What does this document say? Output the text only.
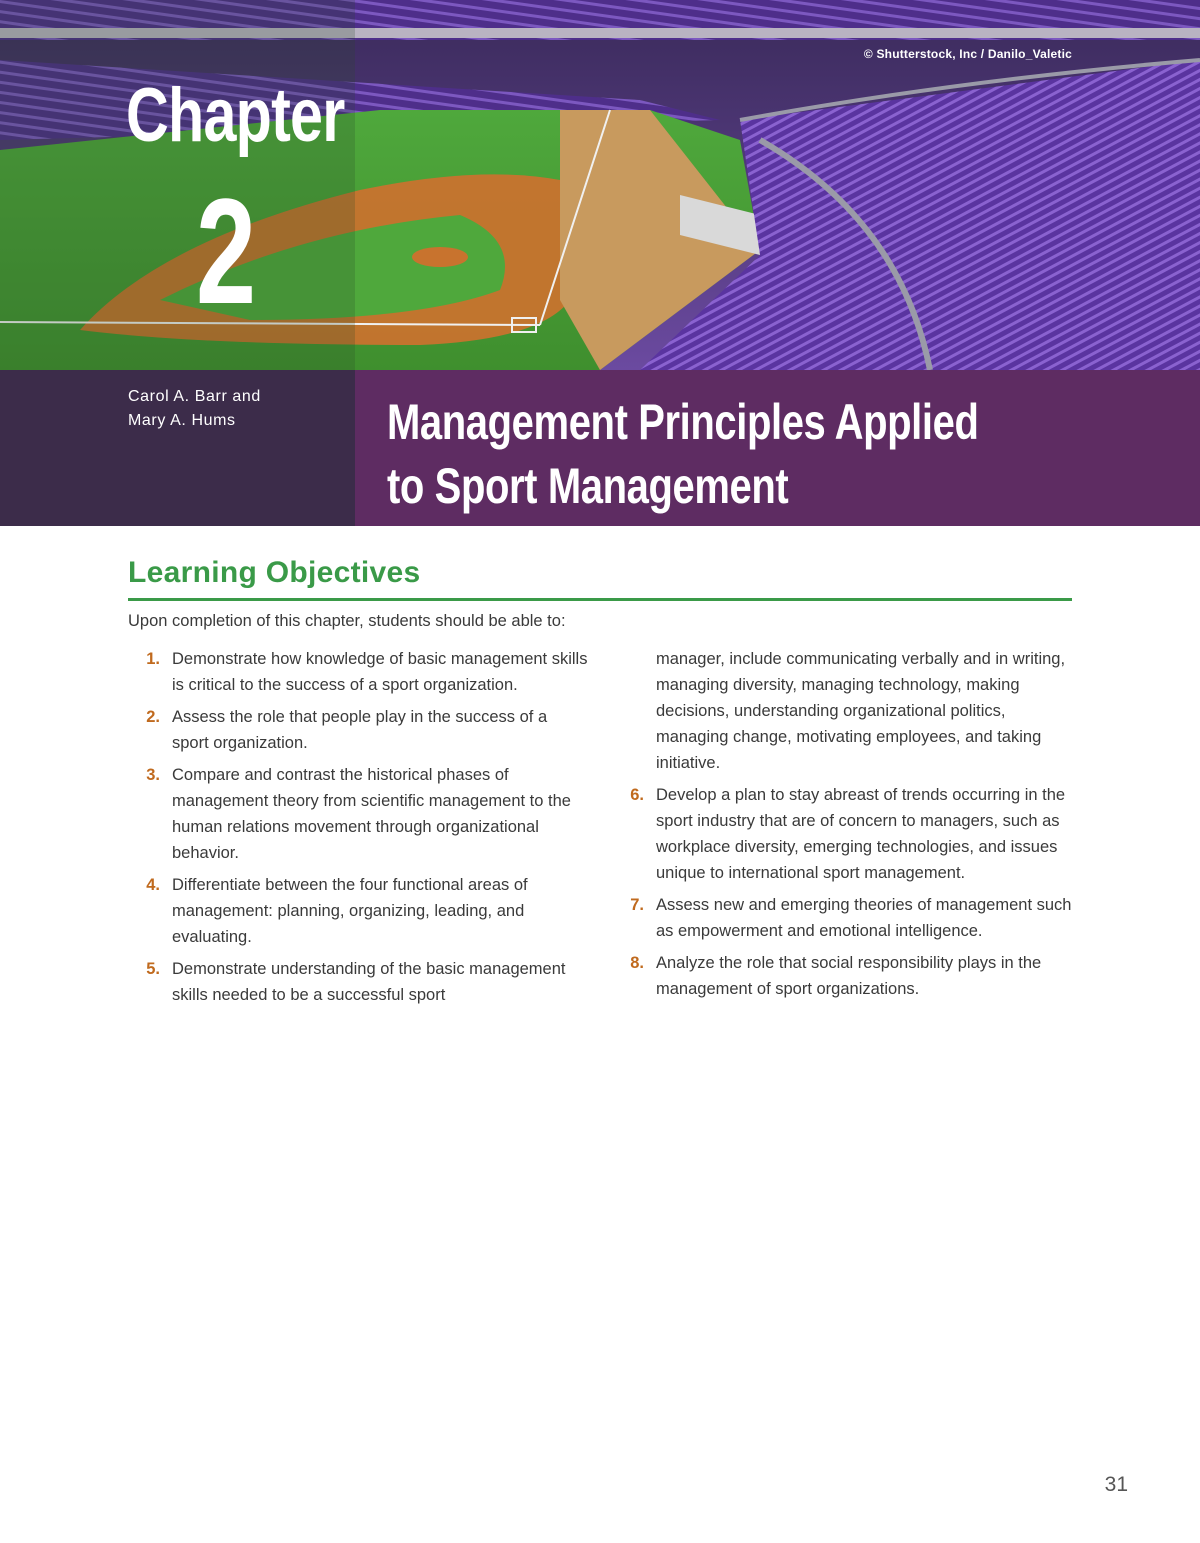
© Shutterstock, Inc / Danilo_Valetic
Chapter
2
Carol A. Barr and
Mary A. Hums	Management Principles Applied
to Sport Management
Learning Objectives
Upon completion of this chapter, students should be able to:
1. Demonstrate how knowledge of basic management skills is critical to the success of a sport organization.
2. Assess the role that people play in the success of a sport organization.
3. Compare and contrast the historical phases of management theory from scientific management to the human relations movement through organizational behavior.
4. Differentiate between the four functional areas of management: planning, organizing, leading, and evaluating.
5. Demonstrate understanding of the basic management skills needed to be a successful sport
manager, include communicating verbally and in writing, managing diversity, managing technology, making decisions, understanding organizational politics, managing change, motivating employees, and taking initiative.
6. Develop a plan to stay abreast of trends occurring in the sport industry that are of concern to managers, such as workplace diversity, emerging technologies, and issues unique to international sport management.
7. Assess new and emerging theories of management such as empowerment and emotional intelligence.
8. Analyze the role that social responsibility plays in the management of sport organizations.
31
